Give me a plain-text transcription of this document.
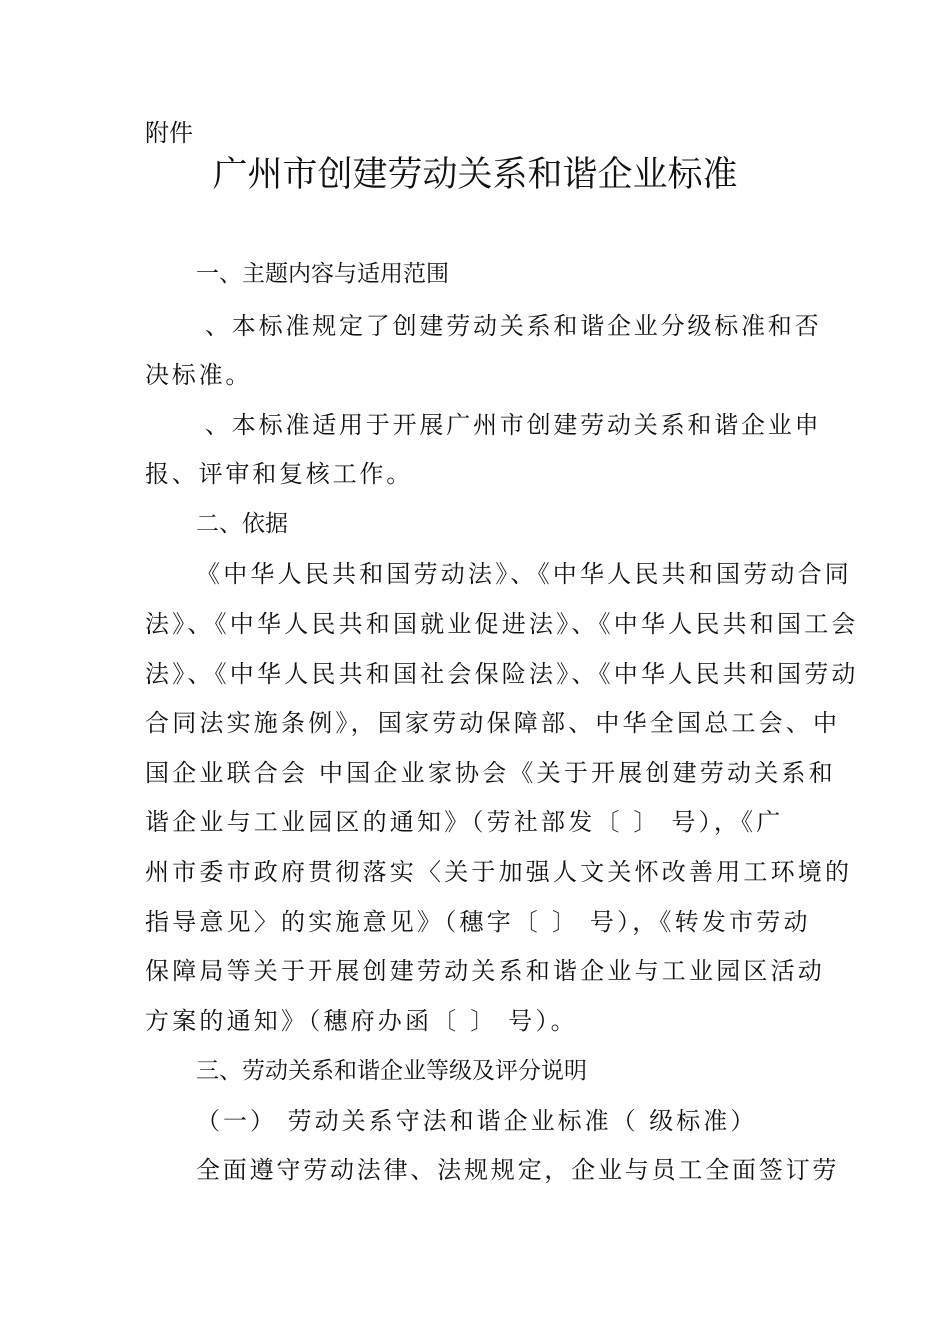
附件
广州市创建劳动关系和谐企业标准
一、主题内容与适用范围
、本标准规定了创建劳动关系和谐企业分级标准和否
决标准。
、本标准适用于开展广州市创建劳动关系和谐企业申
报、评审和复核工作。
二、依据
《中华人民共和国劳动法》、《中华人民共和国劳动合同
法》、《中华人民共和国就业促进法》、《中华人民共和国工会
法》、《中华人民共和国社会保险法》、《中华人民共和国劳动
合同法实施条例》，国家劳动保障部、中华全国总工会、中
国企业联合会 中国企业家协会《关于开展创建劳动关系和
谐企业与工业园区的通知》（劳社部发〔 〕 号），《广
州市委市政府贯彻落实〈关于加强人文关怀改善用工环境的
指导意见〉的实施意见》（穗字〔 〕 号），《转发市劳动
保障局等关于开展创建劳动关系和谐企业与工业园区活动
方案的通知》（穗府办函〔 〕 号）。
三、劳动关系和谐企业等级及评分说明
（一） 劳动关系守法和谐企业标准（ 级标准）
全面遵守劳动法律、法规规定，企业与员工全面签订劳
